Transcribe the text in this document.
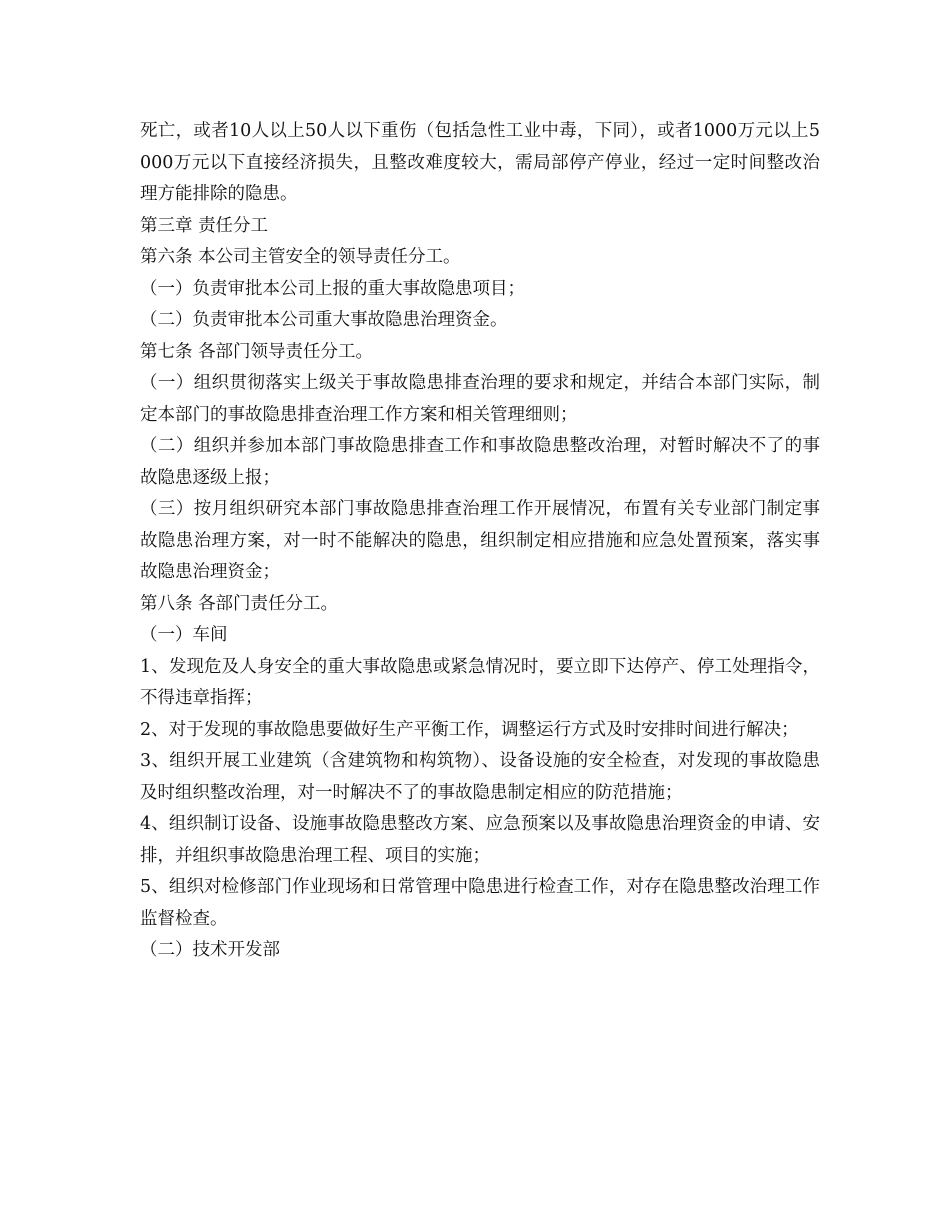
死亡，或者10人以上50人以下重伤（包括急性工业中毒，下同），或者1000万元以上5000万元以下直接经济损失，且整改难度较大，需局部停产停业，经过一定时间整改治理方能排除的隐患。

第三章 责任分工

第六条 本公司主管安全的领导责任分工。

（一）负责审批本公司上报的重大事故隐患项目；

（二）负责审批本公司重大事故隐患治理资金。

第七条 各部门领导责任分工。

（一）组织贯彻落实上级关于事故隐患排查治理的要求和规定，并结合本部门实际，制定本部门的事故隐患排查治理工作方案和相关管理细则；

（二）组织并参加本部门事故隐患排查工作和事故隐患整改治理，对暂时解决不了的事故隐患逐级上报；

（三）按月组织研究本部门事故隐患排查治理工作开展情况，布置有关专业部门制定事故隐患治理方案，对一时不能解决的隐患，组织制定相应措施和应急处置预案，落实事故隐患治理资金；

第八条 各部门责任分工。

（一）车间

1、发现危及人身安全的重大事故隐患或紧急情况时，要立即下达停产、停工处理指令，不得违章指挥；

2、对于发现的事故隐患要做好生产平衡工作，调整运行方式及时安排时间进行解决；

3、组织开展工业建筑（含建筑物和构筑物）、设备设施的安全检查，对发现的事故隐患及时组织整改治理，对一时解决不了的事故隐患制定相应的防范措施；

4、组织制订设备、设施事故隐患整改方案、应急预案以及事故隐患治理资金的申请、安排，并组织事故隐患治理工程、项目的实施；

5、组织对检修部门作业现场和日常管理中隐患进行检查工作，对存在隐患整改治理工作监督检查。

（二）技术开发部
